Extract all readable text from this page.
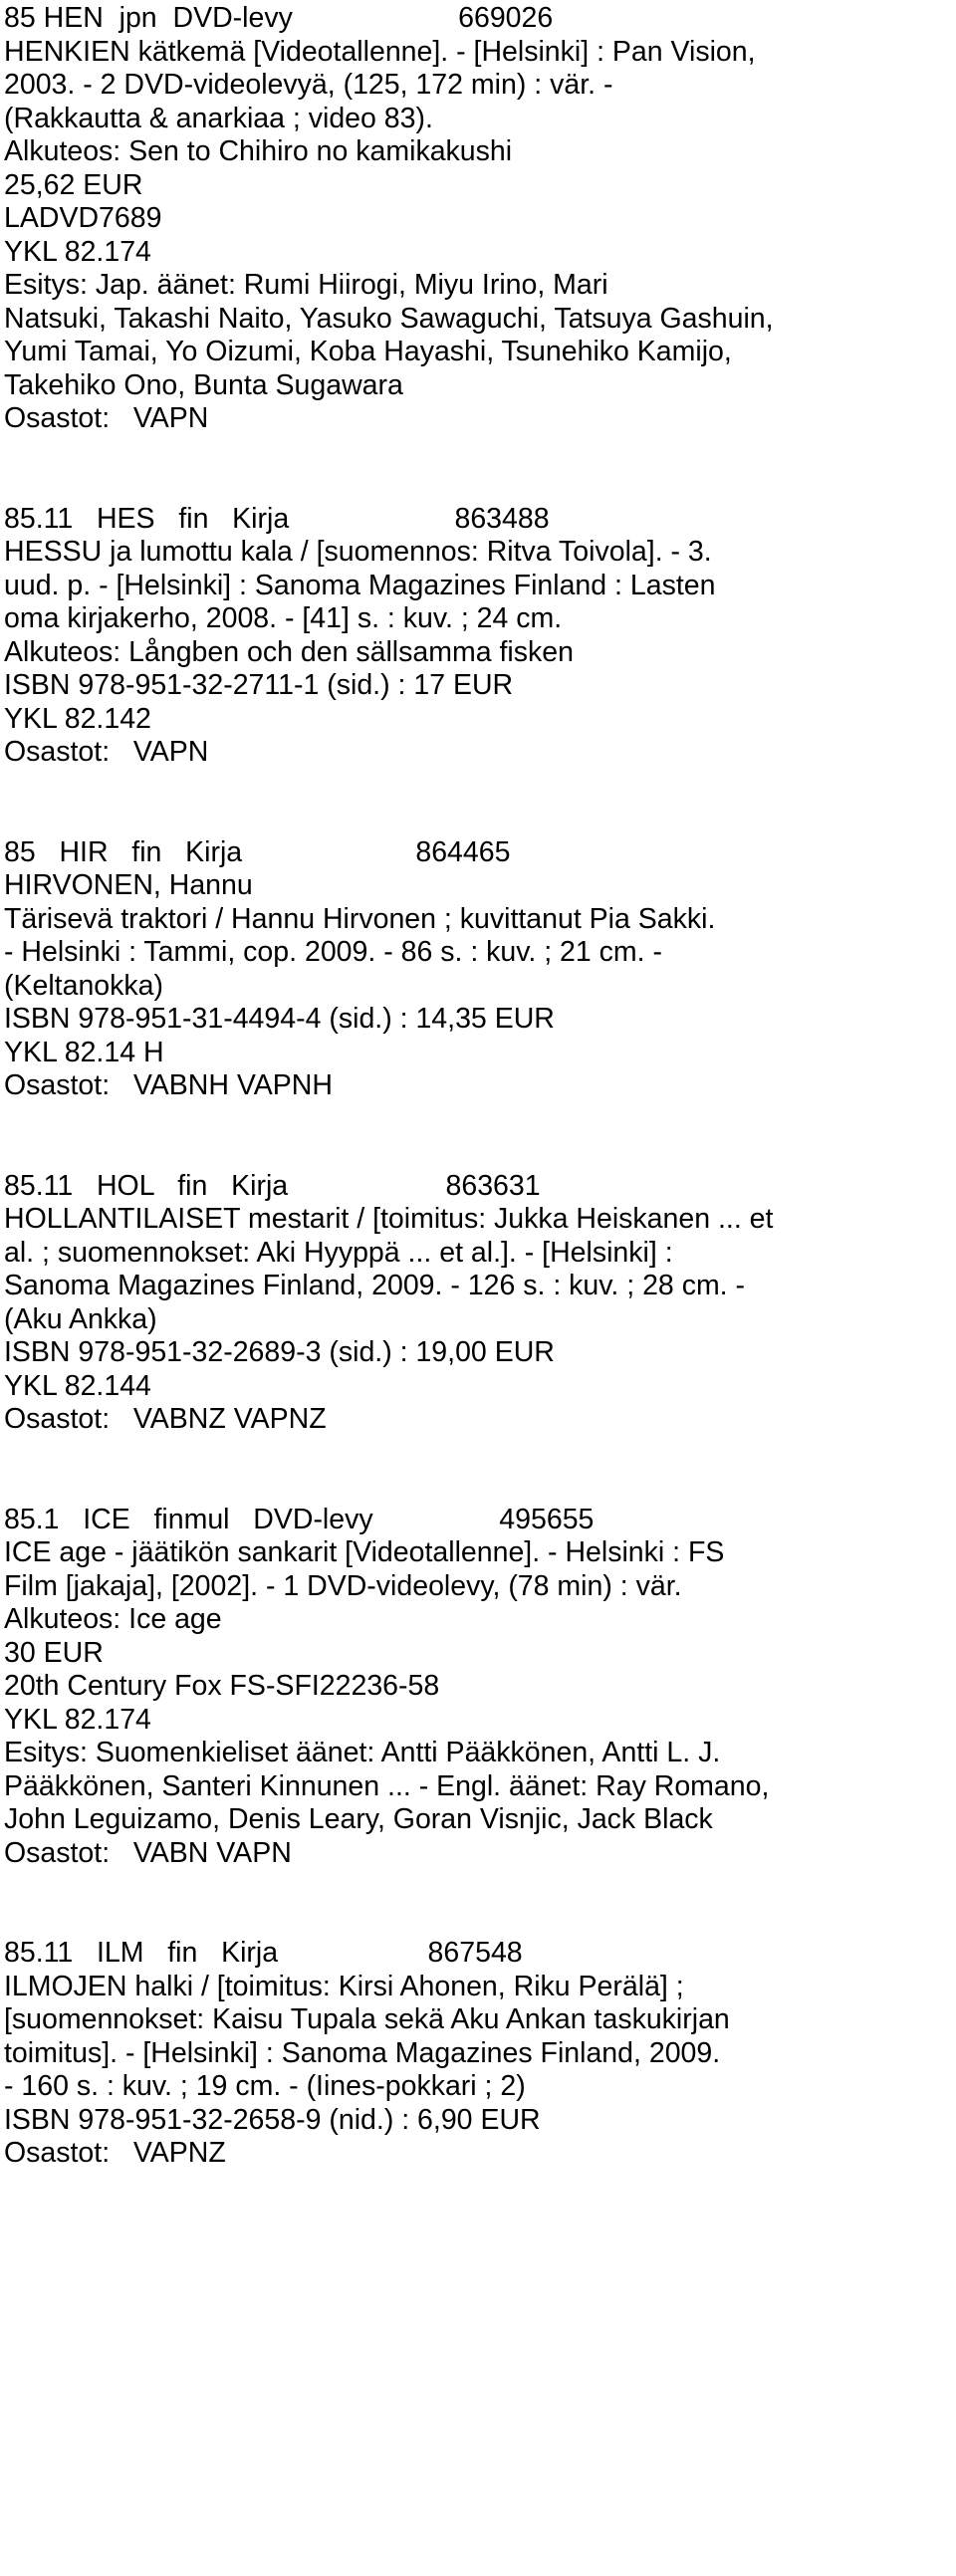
85 HEN  jpn  DVD-levy                     669026
HENKIEN kätkemä [Videotallenne]. - [Helsinki] : Pan Vision,
2003. - 2 DVD-videolevyä, (125, 172 min) : vär. -
(Rakkautta & anarkiaa ; video 83).
Alkuteos: Sen to Chihiro no kamikakushi
25,62 EUR
LADVD7689
YKL 82.174
Esitys: Jap. äänet: Rumi Hiirogi, Miyu Irino, Mari
Natsuki, Takashi Naito, Yasuko Sawaguchi, Tatsuya Gashuin,
Yumi Tamai, Yo Oizumi, Koba Hayashi, Tsunehiko Kamijo,
Takehiko Ono, Bunta Sugawara
Osastot:   VAPN
85.11   HES   fin   Kirja                     863488
HESSU ja lumottu kala / [suomennos: Ritva Toivola]. - 3.
uud. p. - [Helsinki] : Sanoma Magazines Finland : Lasten
oma kirjakerho, 2008. - [41] s. : kuv. ; 24 cm.
Alkuteos: Långben och den sällsamma fisken
ISBN 978-951-32-2711-1 (sid.) : 17 EUR
YKL 82.142
Osastot:   VAPN
85   HIR   fin   Kirja                      864465
HIRVONEN, Hannu
Tärisevä traktori / Hannu Hirvonen ; kuvittanut Pia Sakki.
- Helsinki : Tammi, cop. 2009. - 86 s. : kuv. ; 21 cm. -
(Keltanokka)
ISBN 978-951-31-4494-4 (sid.) : 14,35 EUR
YKL 82.14 H
Osastot:   VABNH VAPNH
85.11   HOL   fin   Kirja                    863631
HOLLANTILAISET mestarit / [toimitus: Jukka Heiskanen ... et
al. ; suomennokset: Aki Hyyppä ... et al.]. - [Helsinki] :
Sanoma Magazines Finland, 2009. - 126 s. : kuv. ; 28 cm. -
(Aku Ankka)
ISBN 978-951-32-2689-3 (sid.) : 19,00 EUR
YKL 82.144
Osastot:   VABNZ VAPNZ
85.1   ICE   finmul   DVD-levy                495655
ICE age - jäätikön sankarit [Videotallenne]. - Helsinki : FS
Film [jakaja], [2002]. - 1 DVD-videolevy, (78 min) : vär.
Alkuteos: Ice age
30 EUR
20th Century Fox FS-SFI22236-58
YKL 82.174
Esitys: Suomenkieliset äänet: Antti Pääkkönen, Antti L. J.
Pääkkönen, Santeri Kinnunen ... - Engl. äänet: Ray Romano,
John Leguizamo, Denis Leary, Goran Visnjic, Jack Black
Osastot:   VABN VAPN
85.11   ILM   fin   Kirja                   867548
ILMOJEN halki / [toimitus: Kirsi Ahonen, Riku Perälä] ;
[suomennokset: Kaisu Tupala sekä Aku Ankan taskukirjan
toimitus]. - [Helsinki] : Sanoma Magazines Finland, 2009.
- 160 s. : kuv. ; 19 cm. - (Iines-pokkari ; 2)
ISBN 978-951-32-2658-9 (nid.) : 6,90 EUR
Osastot:   VAPNZ
